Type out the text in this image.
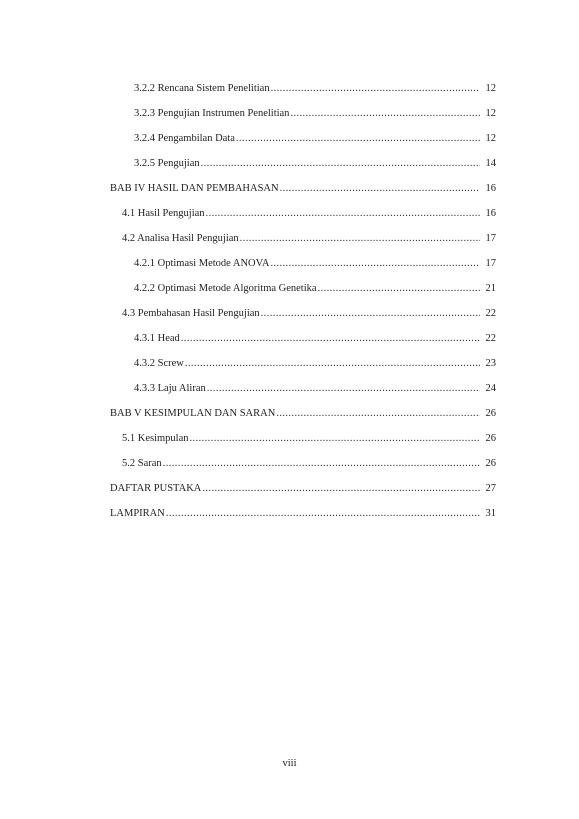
3.2.2 Rencana Sistem Penelitian .....	12
3.2.3 Pengujian Instrumen Penelitian .....	12
3.2.4 Pengambilan Data .....	12
3.2.5 Pengujian .....	14
BAB IV HASIL DAN PEMBAHASAN .....	16
4.1 Hasil Pengujian .....	16
4.2 Analisa Hasil Pengujian .....	17
4.2.1 Optimasi Metode ANOVA .....	17
4.2.2 Optimasi Metode Algoritma Genetika .....	21
4.3 Pembahasan Hasil Pengujian .....	22
4.3.1 Head .....	22
4.3.2 Screw .....	23
4.3.3 Laju Aliran .....	24
BAB V KESIMPULAN DAN SARAN .....	26
5.1 Kesimpulan .....	26
5.2 Saran .....	26
DAFTAR PUSTAKA .....	27
LAMPIRAN .....	31
viii
